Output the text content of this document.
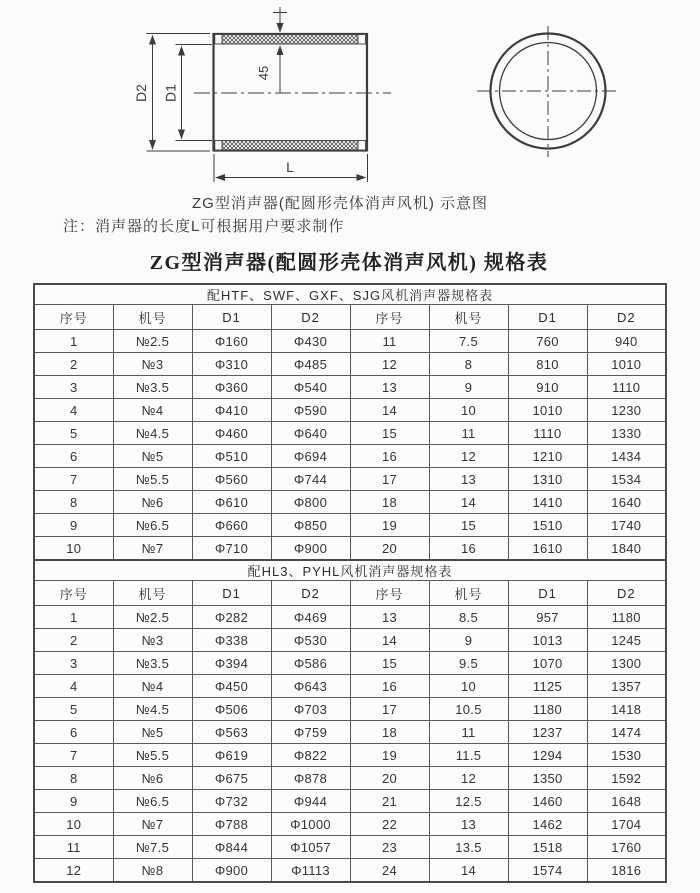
D2 D1
45
L
ZG型消声器(配圆形壳体消声风机) 示意图
注：消声器的长度L可根据用户要求制作
ZG型消声器(配圆形壳体消声风机) 规格表
配HTF、SWF、GXF、SJG风机消声器规格表							
序号	机号	D1	D2	序号	机号	D1	D2
1	№2.5	Φ160	Φ430	11	7.5	760	940
2	№3	Φ310	Φ485	12	8	810	1010
3	№3.5	Φ360	Φ540	13	9	910	1110
4	№4	Φ410	Φ590	14	10	1010	1230
5	№4.5	Φ460	Φ640	15	11	1110	1330
6	№5	Φ510	Φ694	16	12	1210	1434
7	№5.5	Φ560	Φ744	17	13	1310	1534
8	№6	Φ610	Φ800	18	14	1410	1640
9	№6.5	Φ660	Φ850	19	15	1510	1740
10	№7	Φ710	Φ900	20	16	1610	1840
配HL3、PYHL风机消声器规格表							
序号	机号	D1	D2	序号	机号	D1	D2
1	№2.5	Φ282	Φ469	13	8.5	957	1180
2	№3	Φ338	Φ530	14	9	1013	1245
3	№3.5	Φ394	Φ586	15	9.5	1070	1300
4	№4	Φ450	Φ643	16	10	1125	1357
5	№4.5	Φ506	Φ703	17	10.5	1180	1418
6	№5	Φ563	Φ759	18	11	1237	1474
7	№5.5	Φ619	Φ822	19	11.5	1294	1530
8	№6	Φ675	Φ878	20	12	1350	1592
9	№6.5	Φ732	Φ944	21	12.5	1460	1648
10	№7	Φ788	Φ1000	22	13	1462	1704
11	№7.5	Φ844	Φ1057	23	13.5	1518	1760
12	№8	Φ900	Φ1113	24	14	1574	1816
